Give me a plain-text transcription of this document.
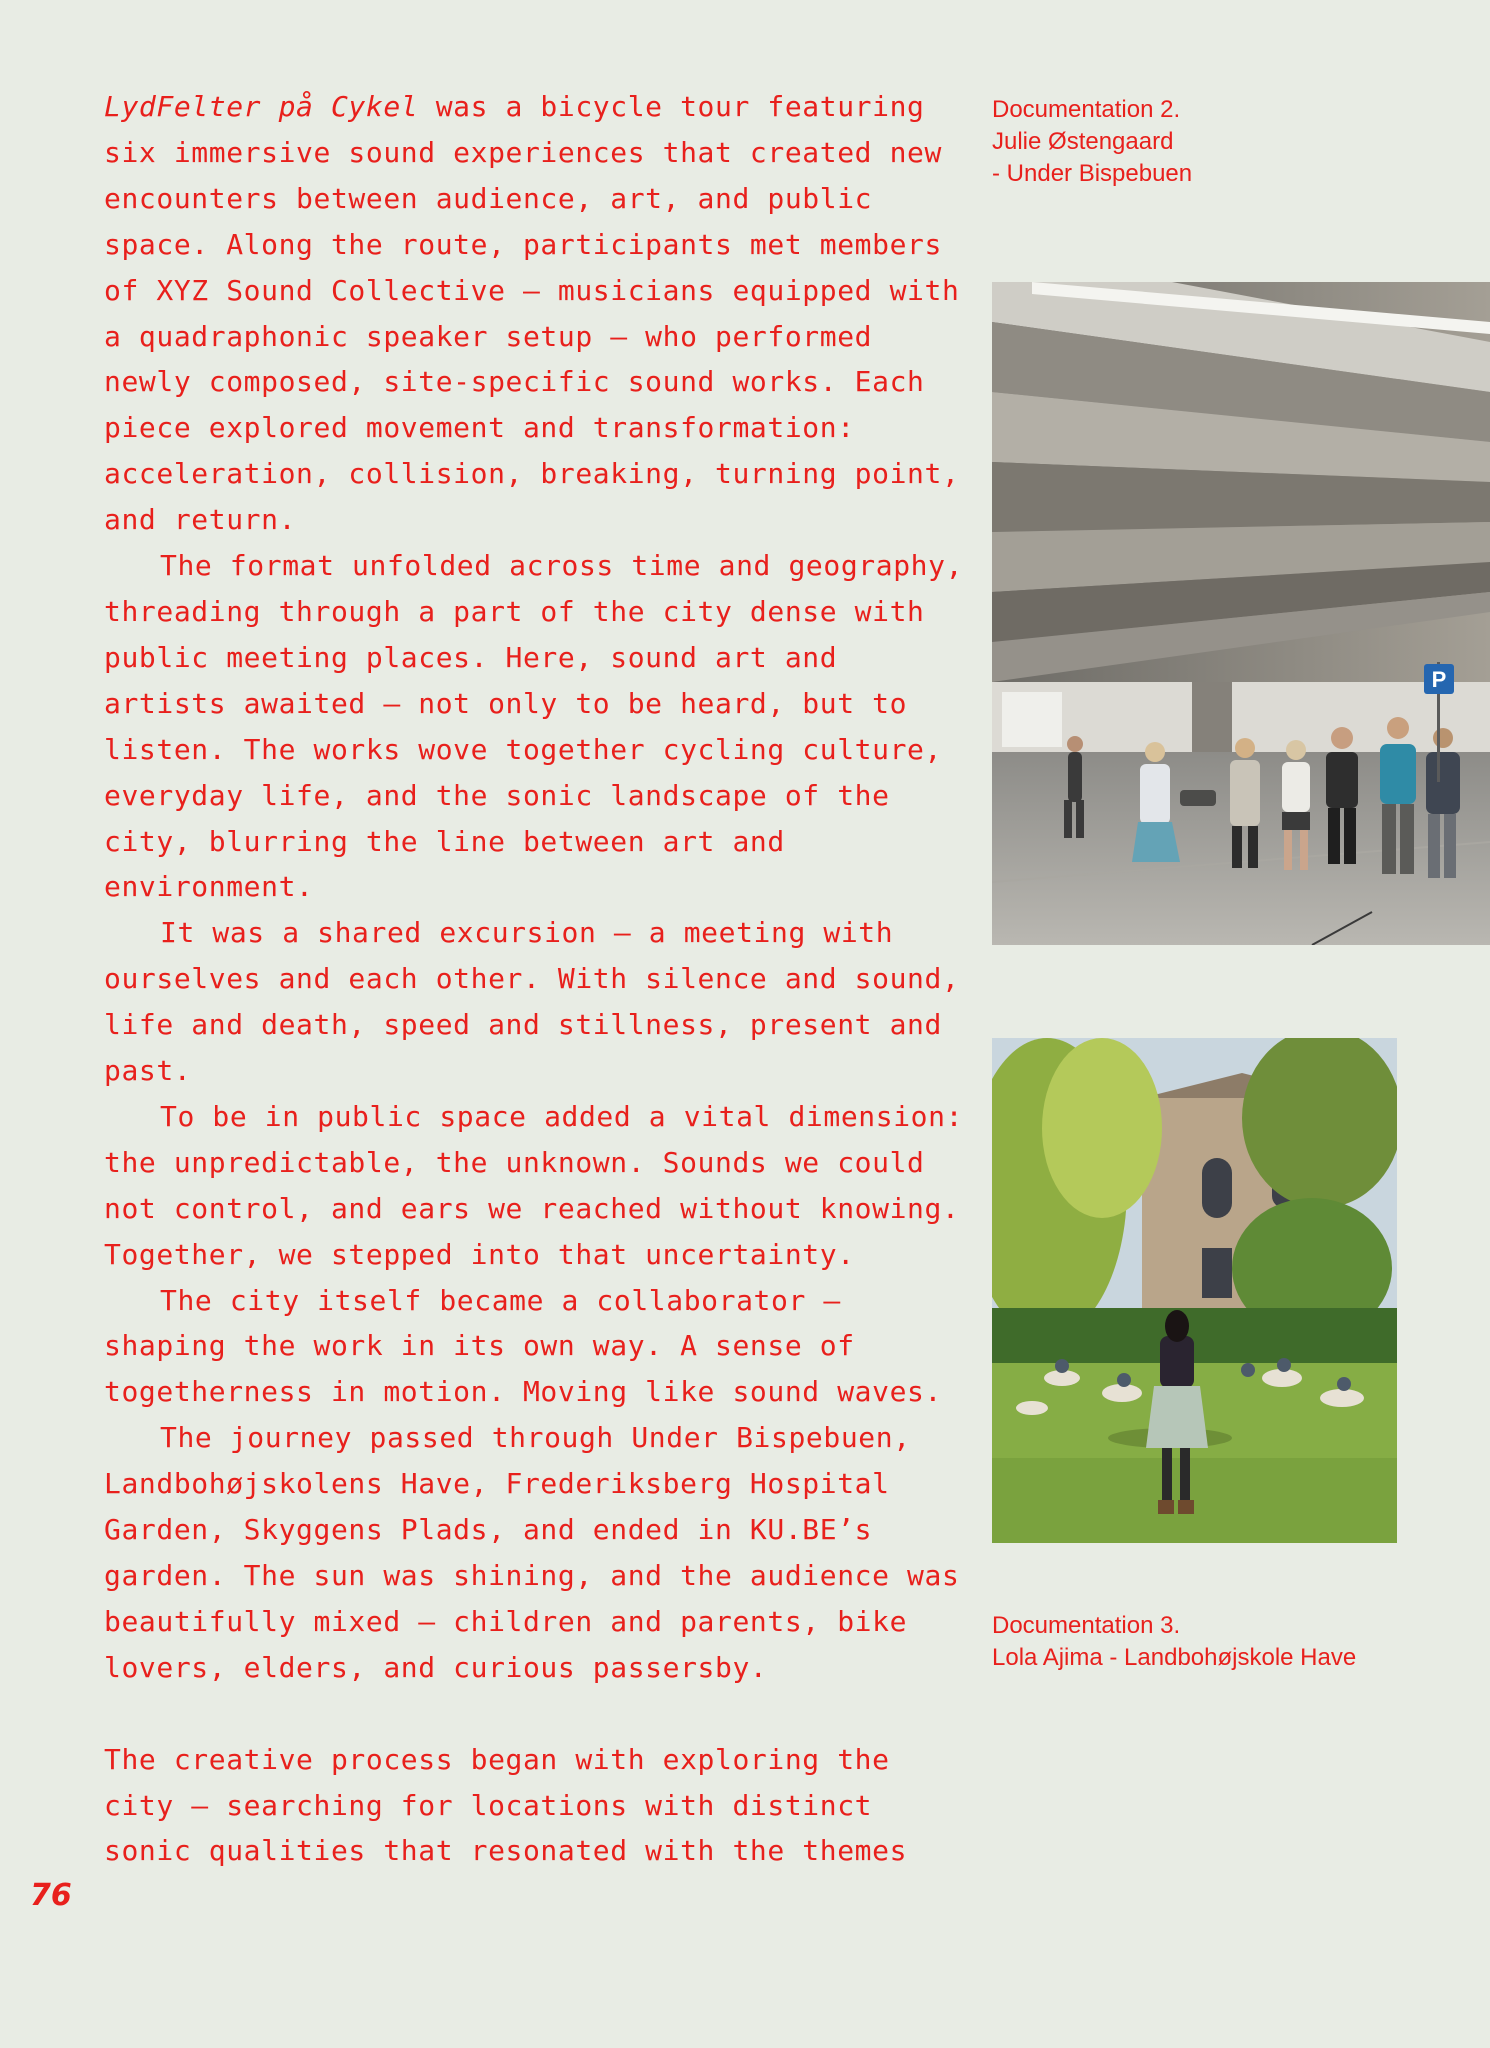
LydFelter på Cykel was a bicycle tour featuring six immersive sound experiences that created new encounters between audience, art, and public space. Along the route, participants met members of XYZ Sound Collective — musicians equipped with a quadraphonic speaker setup — who performed newly composed, site-specific sound works. Each piece explored movement and transformation: acceleration, collision, breaking, turning point, and return.

The format unfolded across time and geography, threading through a part of the city dense with public meeting places. Here, sound art and artists awaited — not only to be heard, but to listen. The works wove together cycling culture, everyday life, and the sonic landscape of the city, blurring the line between art and environment.

It was a shared excursion — a meeting with ourselves and each other. With silence and sound, life and death, speed and stillness, present and past.

To be in public space added a vital dimension: the unpredictable, the unknown. Sounds we could not control, and ears we reached without knowing. Together, we stepped into that uncertainty.

The city itself became a collaborator — shaping the work in its own way. A sense of togetherness in motion. Moving like sound waves.

The journey passed through Under Bispebuen, Landbohøjskolens Have, Frederiksberg Hospital Garden, Skyggens Plads, and ended in KU.BE’s garden. The sun was shining, and the audience was beautifully mixed — children and parents, bike lovers, elders, and curious passersby.

The creative process began with exploring the city — searching for locations with distinct sonic qualities that resonated with the themes

Documentation 2.
Julie Østengaard
- Under Bispebuen
P
Documentation 3.
Lola Ajima - Landbohøjskole Have
76
